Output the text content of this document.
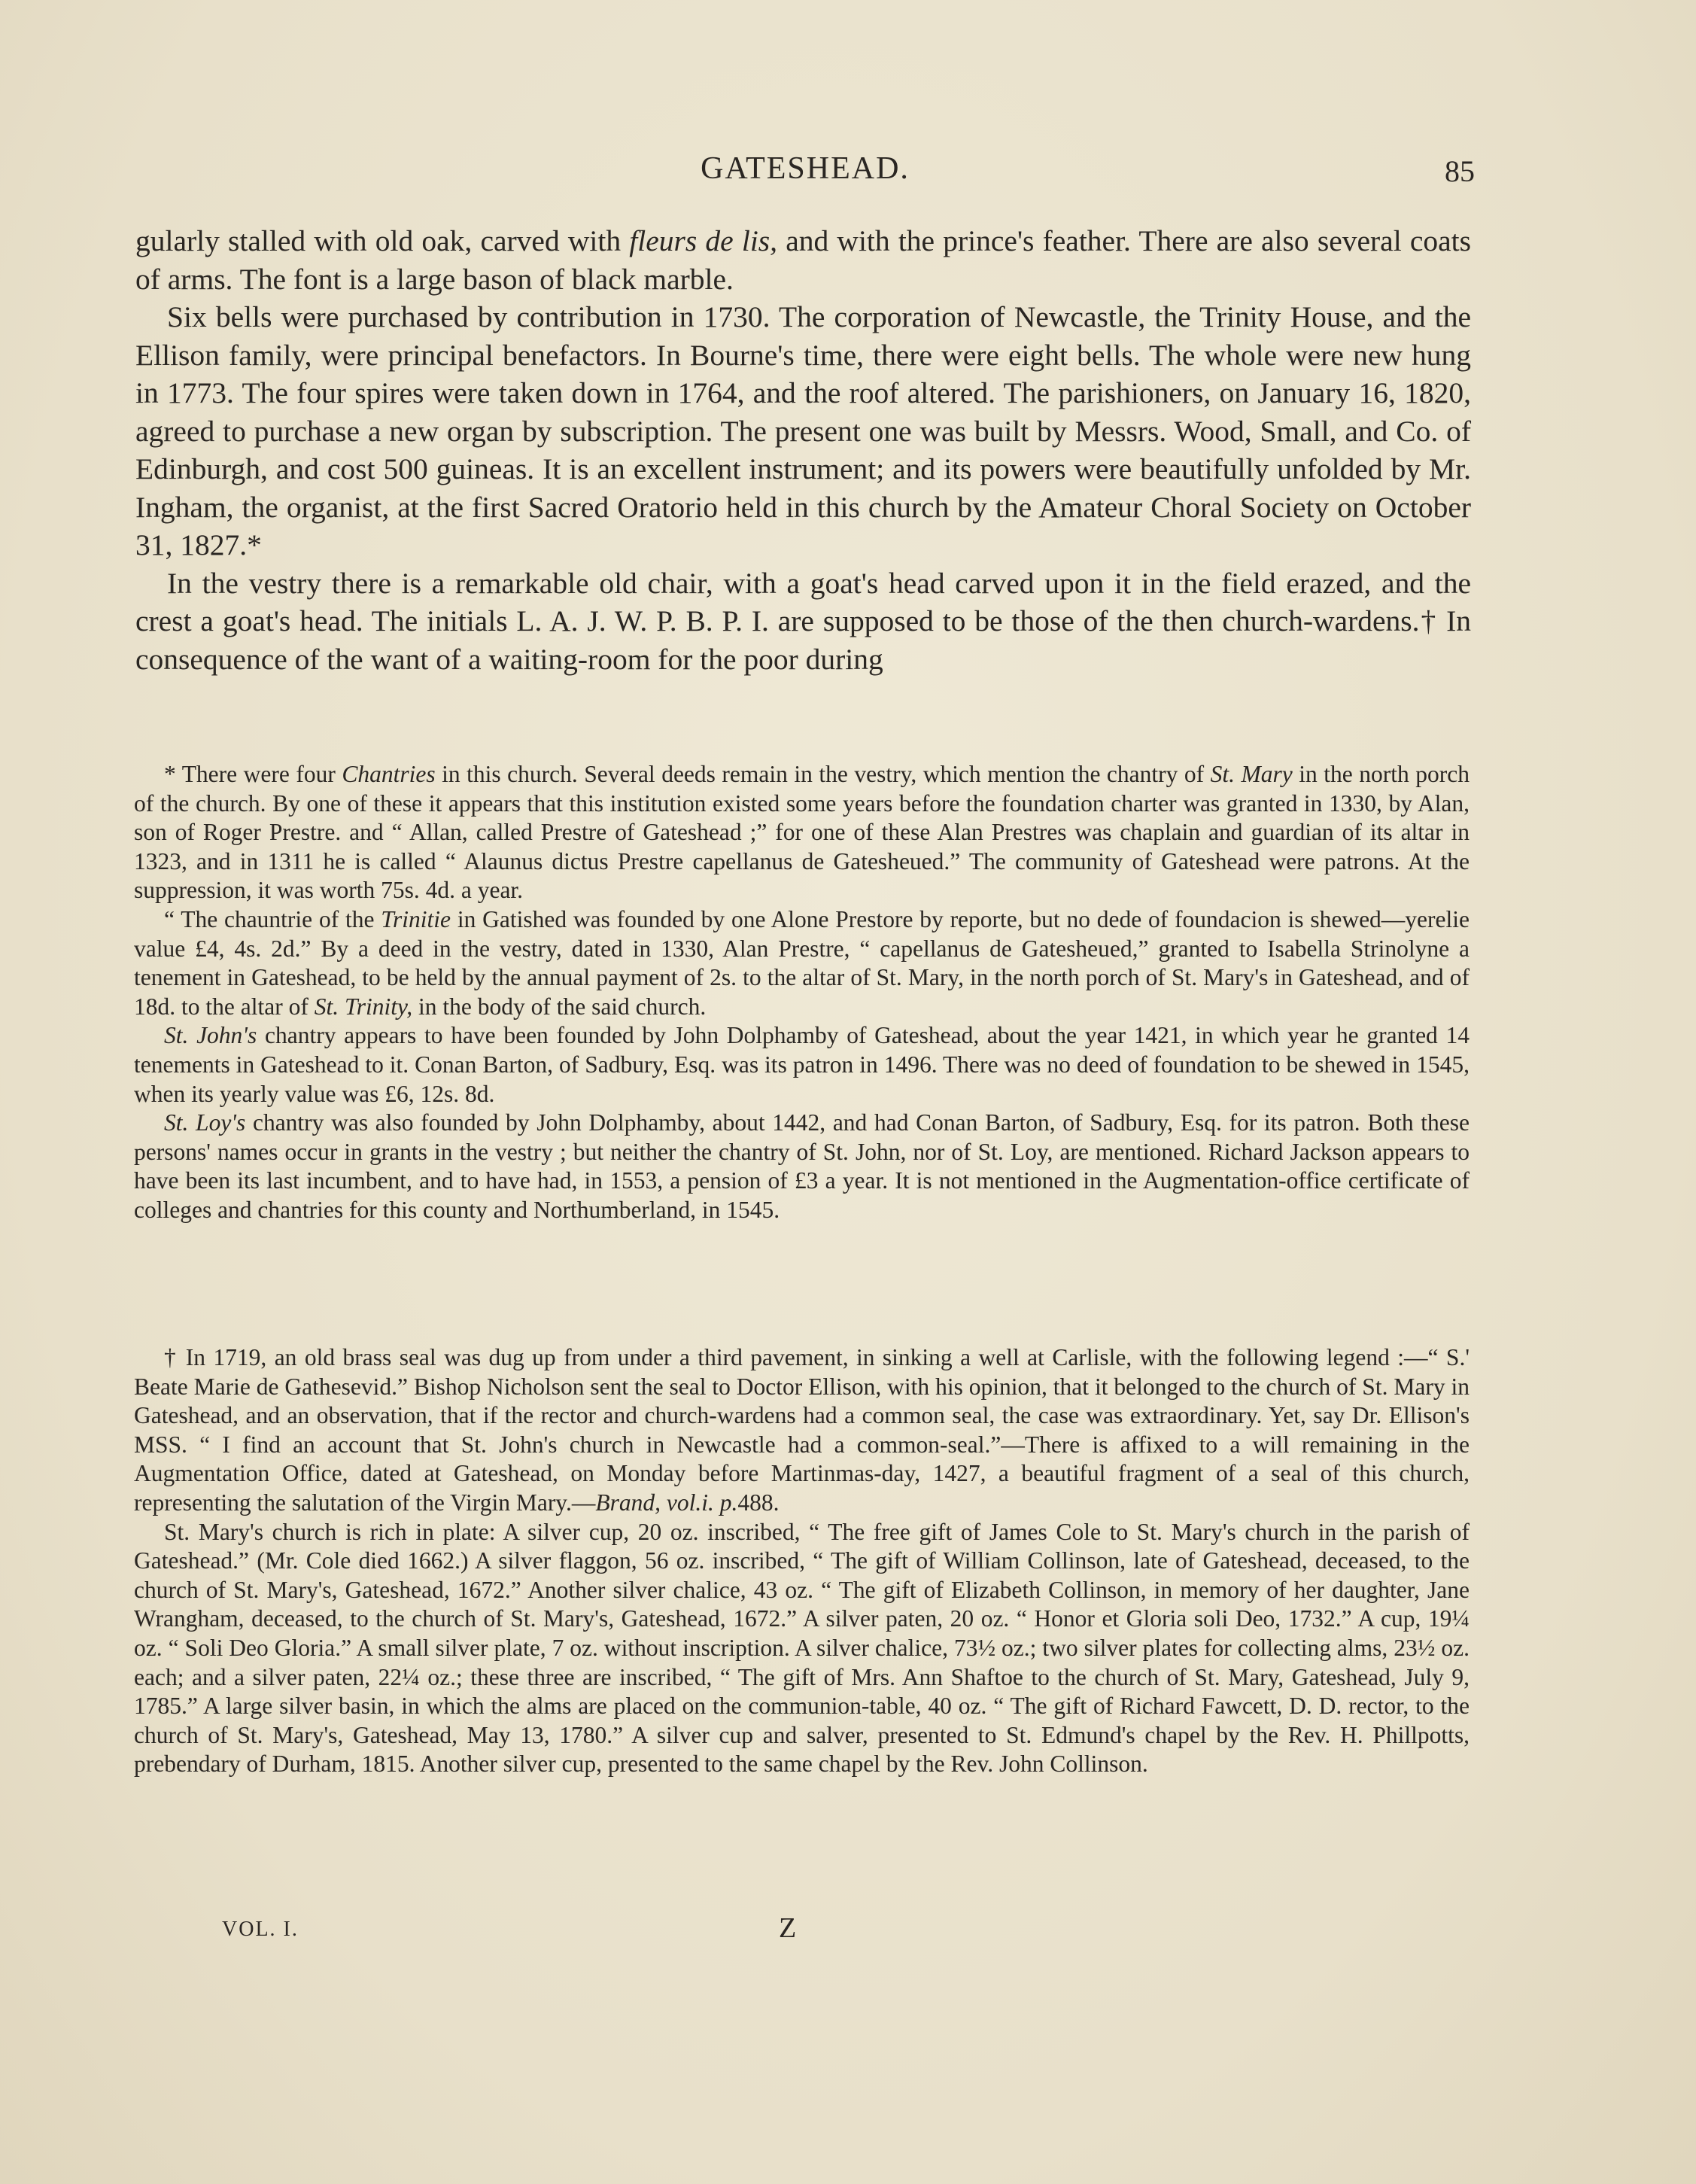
GATESHEAD.	85

gularly stalled with old oak, carved with fleurs de lis, and with the prince's feather. There are also several coats of arms. The font is a large bason of black marble.

Six bells were purchased by contribution in 1730. The corporation of Newcastle, the Trinity House, and the Ellison family, were principal benefactors. In Bourne's time, there were eight bells. The whole were new hung in 1773. The four spires were taken down in 1764, and the roof altered. The parishioners, on January 16, 1820, agreed to purchase a new organ by subscription. The present one was built by Messrs. Wood, Small, and Co. of Edinburgh, and cost 500 guineas. It is an excellent instrument; and its powers were beautifully unfolded by Mr. Ingham, the organist, at the first Sacred Oratorio held in this church by the Amateur Choral Society on October 31, 1827.*

In the vestry there is a remarkable old chair, with a goat's head carved upon it in the field erazed, and the crest a goat's head. The initials L. A. J. W. P. B. P. I. are supposed to be those of the then church-wardens.† In consequence of the want of a waiting-room for the poor during

* There were four Chantries in this church. Several deeds remain in the vestry, which mention the chantry of St. Mary in the north porch of the church. By one of these it appears that this institution existed some years before the foundation charter was granted in 1330, by Alan, son of Roger Prestre. and “ Allan, called Prestre of Gateshead ;” for one of these Alan Prestres was chaplain and guardian of its altar in 1323, and in 1311 he is called “ Alaunus dictus Prestre capellanus de Gatesheued.” The community of Gateshead were patrons. At the suppression, it was worth 75s. 4d. a year.

“ The chauntrie of the Trinitie in Gatished was founded by one Alone Prestore by reporte, but no dede of foundacion is shewed—yerelie value £4, 4s. 2d.” By a deed in the vestry, dated in 1330, Alan Prestre, “ capellanus de Gatesheued,” granted to Isabella Strinolyne a tenement in Gateshead, to be held by the annual payment of 2s. to the altar of St. Mary, in the north porch of St. Mary's in Gateshead, and of 18d. to the altar of St. Trinity, in the body of the said church.

St. John's chantry appears to have been founded by John Dolphamby of Gateshead, about the year 1421, in which year he granted 14 tenements in Gateshead to it. Conan Barton, of Sadbury, Esq. was its patron in 1496. There was no deed of foundation to be shewed in 1545, when its yearly value was £6, 12s. 8d.

St. Loy's chantry was also founded by John Dolphamby, about 1442, and had Conan Barton, of Sadbury, Esq. for its patron. Both these persons' names occur in grants in the vestry ; but neither the chantry of St. John, nor of St. Loy, are mentioned. Richard Jackson appears to have been its last incumbent, and to have had, in 1553, a pension of £3 a year. It is not mentioned in the Augmentation-office certificate of colleges and chantries for this county and Northumberland, in 1545.

† In 1719, an old brass seal was dug up from under a third pavement, in sinking a well at Carlisle, with the following legend :—“ S.' Beate Marie de Gathesevid.” Bishop Nicholson sent the seal to Doctor Ellison, with his opinion, that it belonged to the church of St. Mary in Gateshead, and an observation, that if the rector and church-wardens had a common seal, the case was extraordinary. Yet, say Dr. Ellison's MSS. “ I find an account that St. John's church in Newcastle had a common-seal.”—There is affixed to a will remaining in the Augmentation Office, dated at Gateshead, on Monday before Martinmas-day, 1427, a beautiful fragment of a seal of this church, representing the salutation of the Virgin Mary.—Brand, vol.i. p.488.

St. Mary's church is rich in plate: A silver cup, 20 oz. inscribed, “ The free gift of James Cole to St. Mary's church in the parish of Gateshead.” (Mr. Cole died 1662.) A silver flaggon, 56 oz. inscribed, “ The gift of William Collinson, late of Gateshead, deceased, to the church of St. Mary's, Gateshead, 1672.” Another silver chalice, 43 oz. “ The gift of Elizabeth Collinson, in memory of her daughter, Jane Wrangham, deceased, to the church of St. Mary's, Gateshead, 1672.” A silver paten, 20 oz. “ Honor et Gloria soli Deo, 1732.” A cup, 19¼ oz. “ Soli Deo Gloria.” A small silver plate, 7 oz. without inscription. A silver chalice, 73½ oz.; two silver plates for collecting alms, 23½ oz. each; and a silver paten, 22¼ oz.; these three are inscribed, “ The gift of Mrs. Ann Shaftoe to the church of St. Mary, Gateshead, July 9, 1785.” A large silver basin, in which the alms are placed on the communion-table, 40 oz. “ The gift of Richard Fawcett, D. D. rector, to the church of St. Mary's, Gateshead, May 13, 1780.” A silver cup and salver, presented to St. Edmund's chapel by the Rev. H. Phillpotts, prebendary of Durham, 1815. Another silver cup, presented to the same chapel by the Rev. John Collinson.

VOL. I.	Z
